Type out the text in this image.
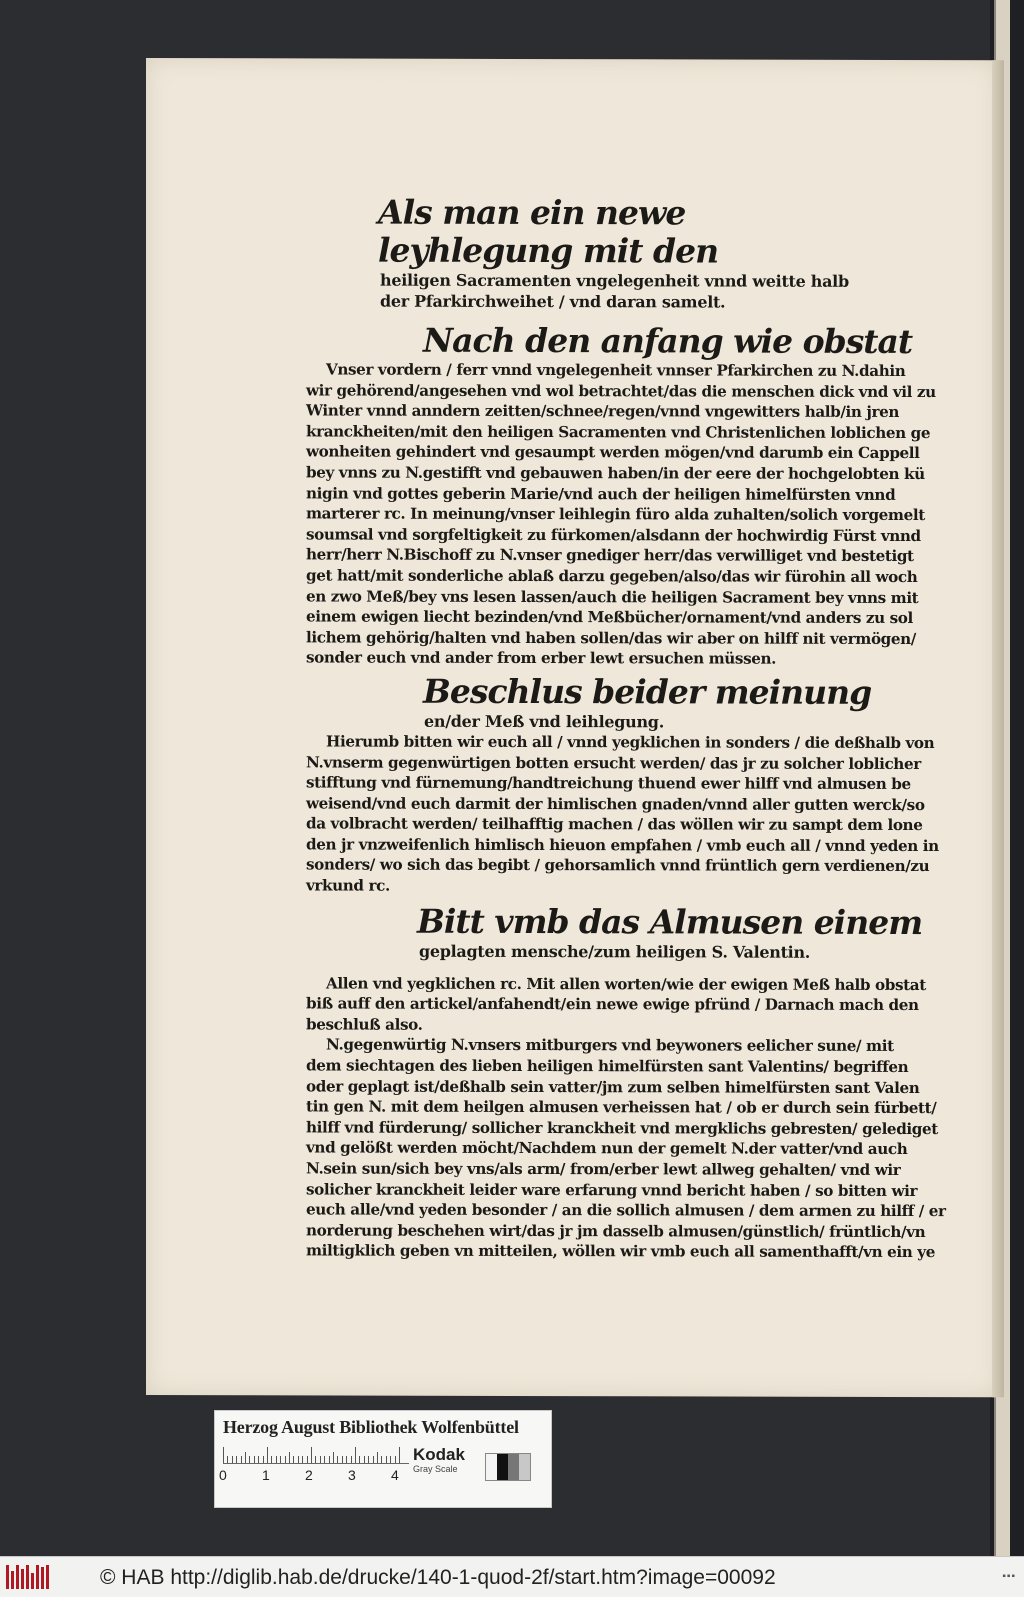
Als man ein newe leyhlegung mit den

heiligen Sacramenten vngelegenheit vnnd weitte halb
der Pfarkirchweihet / vnd daran samelt.

Nach den anfang wie obstat

Vnser vordern / ferr vnnd vngelegenheit vnnser Pfarkirchen zu N.dahin
wir gehörend/angesehen vnd wol betrachtet/das die menschen dick vnd vil zu
Winter vnnd anndern zeitten/schnee/regen/vnnd vngewitters halb/in jren
kranckheiten/mit den heiligen Sacramenten vnd Christenlichen loblichen ge
wonheiten gehindert vnd gesaumpt werden mögen/vnd darumb ein Cappell
bey vnns zu N.gestifft vnd gebauwen haben/in der eere der hochgelobten kü
nigin vnd gottes geberin Marie/vnd auch der heiligen himelfürsten vnnd
marterer rc. In meinung/vnser leihlegin füro alda zuhalten/solich vorgemelt
soumsal vnd sorgfeltigkeit zu fürkomen/alsdann der hochwirdig Fürst vnnd
herr/herr N.Bischoff zu N.vnser gnediger herr/das verwilliget vnd bestetigt
get hatt/mit sonderliche ablaß darzu gegeben/also/das wir fürohin all woch
en zwo Meß/bey vns lesen lassen/auch die heiligen Sacrament bey vnns mit
einem ewigen liecht bezinden/vnd Meßbücher/ornament/vnd anders zu sol
lichem gehörig/halten vnd haben sollen/das wir aber on hilff nit vermögen/
sonder euch vnd ander from erber lewt ersuchen müssen.

Beschlus beider meinung

en/der Meß vnd leihlegung.

Hierumb bitten wir euch all / vnnd yegklichen in sonders / die deßhalb von
N.vnserm gegenwürtigen botten ersucht werden/ das jr zu solcher loblicher
stifftung vnd fürnemung/handtreichung thuend ewer hilff vnd almusen be
weisend/vnd euch darmit der himlischen gnaden/vnnd aller gutten werck/so
da volbracht werden/ teilhafftig machen / das wöllen wir zu sampt dem lone
den jr vnzweifenlich himlisch hieuon empfahen / vmb euch all / vnnd yeden in
sonders/ wo sich das begibt / gehorsamlich vnnd früntlich gern verdienen/zu
vrkund rc.

Bitt vmb das Almusen einem

geplagten mensche/zum heiligen S. Valentin.

Allen vnd yegklichen rc. Mit allen worten/wie der ewigen Meß halb obstat
biß auff den artickel/anfahendt/ein newe ewige pfründ / Darnach mach den
beschluß also.

N.gegenwürtig N.vnsers mitburgers vnd beywoners eelicher sune/ mit
dem siechtagen des lieben heiligen himelfürsten sant Valentins/ begriffen
oder geplagt ist/deßhalb sein vatter/jm zum selben himelfürsten sant Valen
tin gen N. mit dem heilgen almusen verheissen hat / ob er durch sein fürbett/
hilff vnd fürderung/ sollicher kranckheit vnd mergklichs gebresten/ gelediget
vnd gelößt werden möcht/Nachdem nun der gemelt N.der vatter/vnd auch
N.sein sun/sich bey vns/als arm/ from/erber lewt allweg gehalten/ vnd wir
solicher kranckheit leider ware erfarung vnnd bericht haben / so bitten wir
euch alle/vnd yeden besonder / an die sollich almusen / dem armen zu hilff / er
norderung beschehen wirt/das jr jm dasselb almusen/günstlich/ früntlich/vn
miltigklich geben vn mitteilen, wöllen wir vmb euch all samenthafft/vn ein ye

Herzog August Bibliothek Wolfenbüttel
0	1	2	3	4
Kodak
Gray Scale
© HAB http://diglib.hab.de/drucke/140-1-quod-2f/start.htm?image=00092	▪▪▪
